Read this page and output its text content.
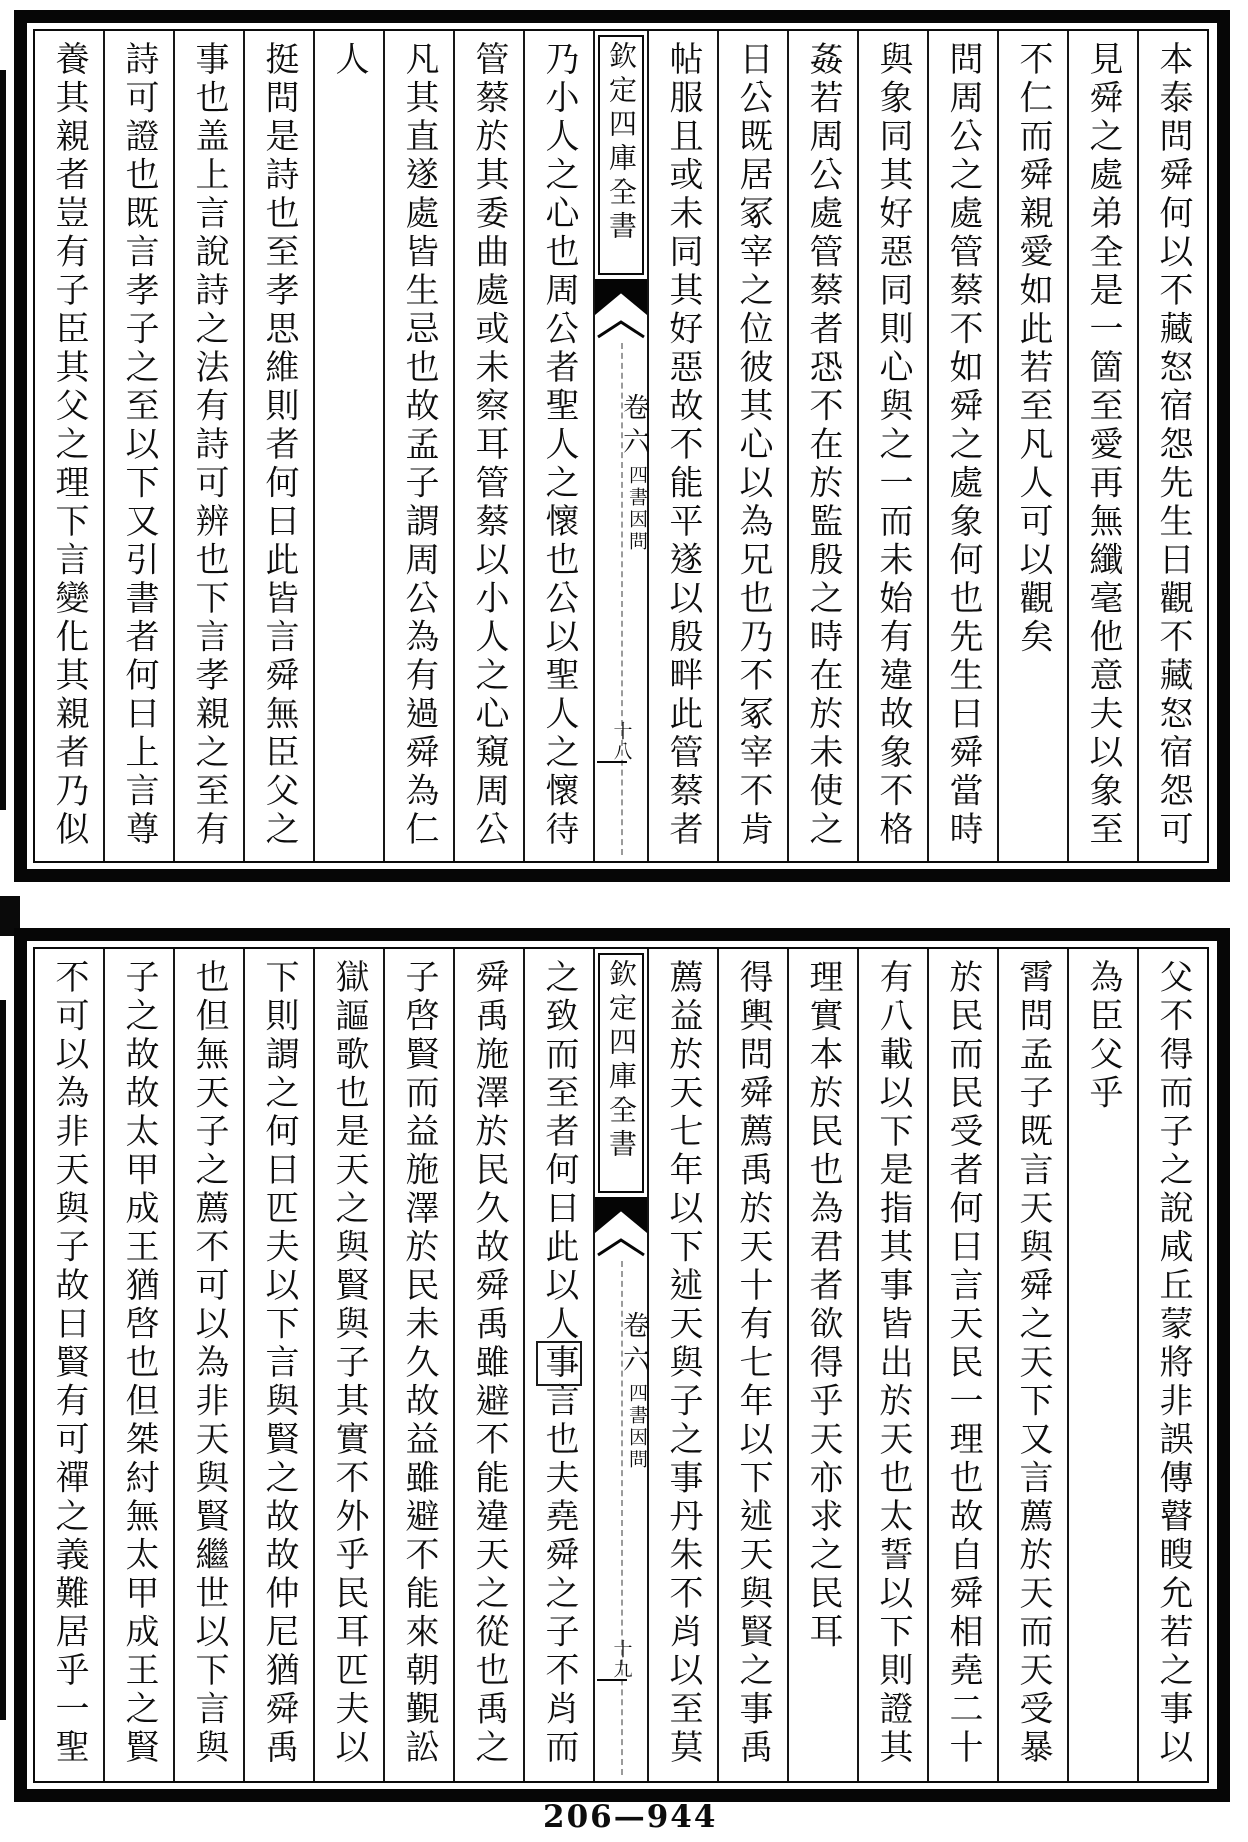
本泰問舜何以不藏怒宿怨先生曰觀不藏怒宿怨可
見舜之處弟全是一箇至愛再無纖毫他意夫以象至
不仁而舜親愛如此若至凡人可以觀矣
問周公之處管蔡不如舜之處象何也先生曰舜當時
與象同其好惡同則心與之一而未始有違故象不格
姦若周公處管蔡者恐不在於監殷之時在於未使之
日公既居冢宰之位彼其心以為兄也乃不冢宰不肯
帖服且或未同其好惡故不能平遂以殷畔此管蔡者
欽定四庫全書
卷六
四書因問
十八
乃小人之心也周公者聖人之懷也公以聖人之懷待
管蔡於其委曲處或未察耳管蔡以小人之心窺周公
凡其直遂處皆生忌也故孟子謂周公為有過舜為仁
人
挺問是詩也至孝思維則者何曰此皆言舜無臣父之
事也盖上言說詩之法有詩可辨也下言孝親之至有
詩可證也既言孝子之至以下又引書者何曰上言尊
養其親者豈有子臣其父之理下言變化其親者乃似
父不得而子之說咸丘蒙將非誤傳瞽瞍允若之事以
為臣父乎
霄問孟子既言天與舜之天下又言薦於天而天受暴
於民而民受者何曰言天民一理也故自舜相堯二十
有八載以下是指其事皆出於天也太誓以下則證其
理實本於民也為君者欲得乎天亦求之民耳
得輿問舜薦禹於天十有七年以下述天與賢之事禹
薦益於天七年以下述天與子之事丹朱不肖以至莫
欽定四庫全書
卷六
四書因問
十九
之致而至者何曰此以人事言也夫堯舜之子不肖而
舜禹施澤於民久故舜禹雖避不能違天之從也禹之
子啓賢而益施澤於民未久故益雖避不能來朝覲訟
獄謳歌也是天之與賢與子其實不外乎民耳匹夫以
下則謂之何曰匹夫以下言與賢之故故仲尼猶舜禹
也但無天子之薦不可以為非天與賢繼世以下言與
子之故故太甲成王猶啓也但桀紂無太甲成王之賢
不可以為非天與子故曰賢有可禪之義難居乎一聖
206—944
